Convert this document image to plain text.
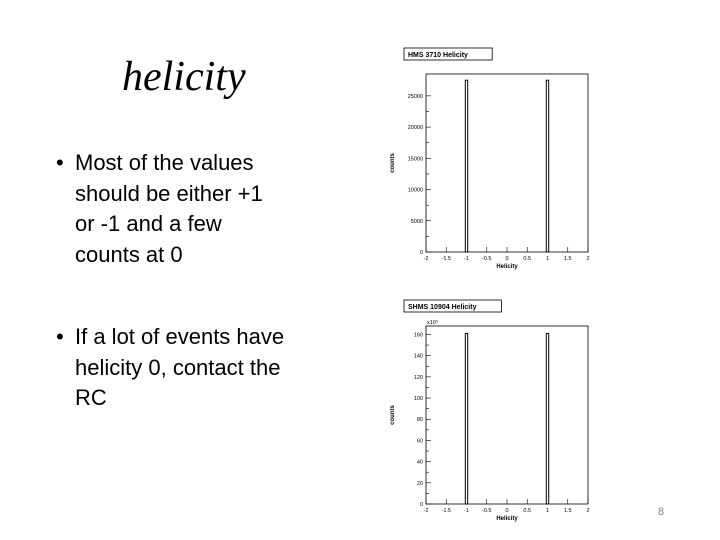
helicity
• Most of the values should be either +1 or -1 and a few counts at 0
• If a lot of events have helicity 0, contact the RC
HMS 3710 Helicity
0
5000
10000
15000
20000
25000
-2 -1.5 -1 -0.5	0	0.5	1	1.5	2
Helicity
counts
SHMS 10904 Helicity
0
20
40
60
80
100
120
140
160
-2 -1.5 -1 -0.5	0	0.5	1	1.5	2
Helicity
counts
x10³
8
